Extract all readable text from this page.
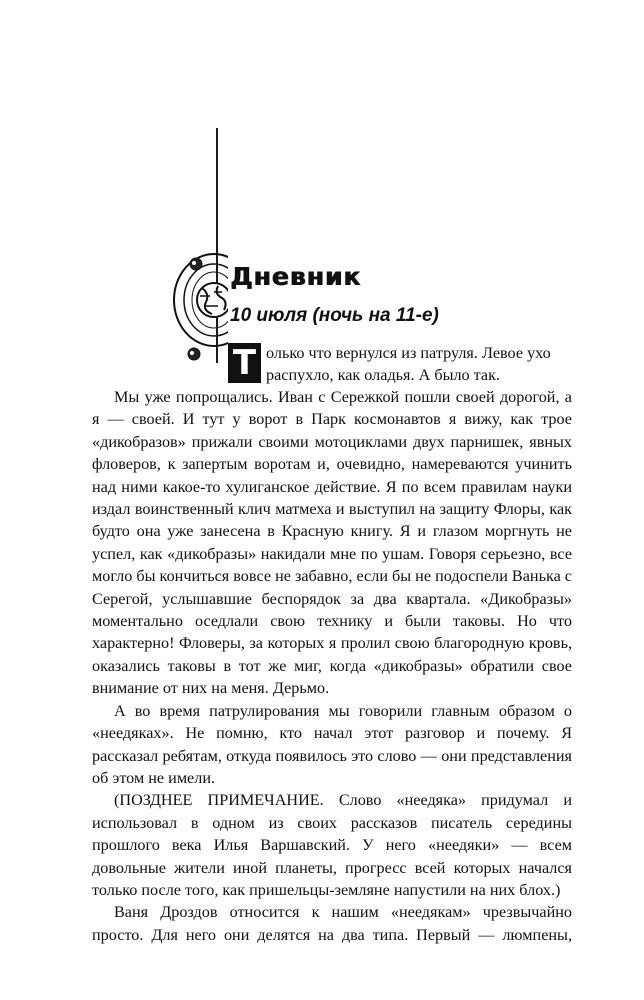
Дневник
10 июля (ночь на 11-е)
Т олько что вернулся из патруля. Левое ухо
распухло, как оладья. А было так.

Мы уже попрощались. Иван с Сережкой пошли своей дорогой, а я — своей. И тут у ворот в Парк космонавтов я вижу, как трое «дикобразов» прижали своими мотоциклами двух парнишек, явных фловеров, к запертым воротам и, очевидно, намереваются учинить над ними какое-то хулиганское действие. Я по всем правилам науки издал воинственный клич матмеха и выступил на защиту Флоры, как будто она уже занесена в Красную книгу. Я и глазом моргнуть не успел, как «дикобразы» накидали мне по ушам. Говоря серьезно, все могло бы кончиться вовсе не забавно, если бы не подоспели Ванька с Серегой, услышавшие беспорядок за два квартала. «Дикобразы» моментально оседлали свою технику и были таковы. Но что характерно! Фловеры, за которых я пролил свою благородную кровь, оказались таковы в тот же миг, когда «дикобразы» обратили свое внимание от них на меня. Дерьмо.

А во время патрулирования мы говорили главным образом о «неедяках». Не помню, кто начал этот разговор и почему. Я рассказал ребятам, откуда появилось это слово — они представления об этом не имели.

(ПОЗДНЕЕ ПРИМЕЧАНИЕ. Слово «неедяка» придумал и использовал в одном из своих рассказов писатель середины прошлого века Илья Варшавский. У него «неедяки» — всем довольные жители иной планеты, прогресс всей которых начался только после того, как пришельцы-земляне напустили на них блох.)

Ваня Дроздов относится к нашим «неедякам» чрезвычайно просто. Для него они делятся на два типа. Первый — люмпены,
